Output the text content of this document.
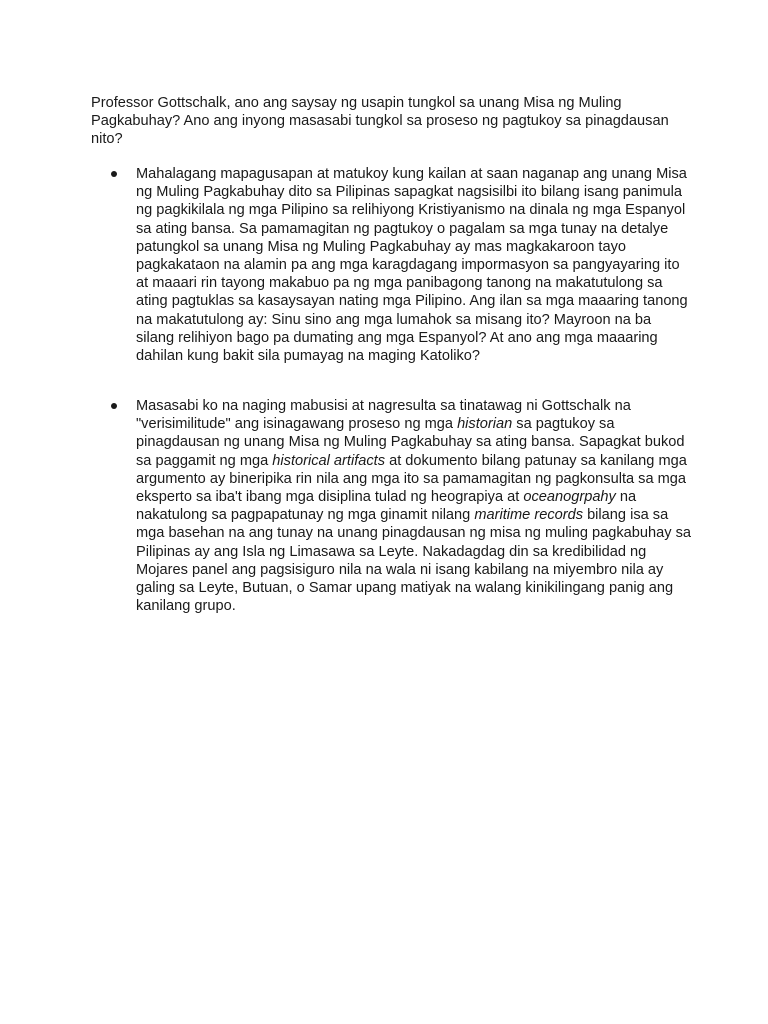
Professor Gottschalk, ano ang saysay ng usapin tungkol sa unang Misa ng Muling Pagkabuhay? Ano ang inyong masasabi tungkol sa proseso ng pagtukoy sa pinagdausan nito?

Mahalagang mapagusapan at matukoy kung kailan at saan naganap ang unang Misa ng Muling Pagkabuhay dito sa Pilipinas sapagkat nagsisilbi ito bilang isang panimula ng pagkikilala ng mga Pilipino sa relihiyong Kristiyanismo na dinala ng mga Espanyol sa ating bansa. Sa pamamagitan ng pagtukoy o pagalam sa mga tunay na detalye patungkol sa unang Misa ng Muling Pagkabuhay ay mas magkakaroon tayo pagkakataon na alamin pa ang mga karagdagang impormasyon sa pangyayaring ito at maaari rin tayong makabuo pa ng mga panibagong tanong na makatutulong sa ating pagtuklas sa kasaysayan nating mga Pilipino. Ang ilan sa mga maaaring tanong na makatutulong ay: Sinu sino ang mga lumahok sa misang ito? Mayroon na ba silang relihiyon bago pa dumating ang mga Espanyol? At ano ang mga maaaring dahilan kung bakit sila pumayag na maging Katoliko?
Masasabi ko na naging mabusisi at nagresulta sa tinatawag ni Gottschalk na "verisimilitude" ang isinagawang proseso ng mga historian sa pagtukoy sa pinagdausan ng unang Misa ng Muling Pagkabuhay sa ating bansa. Sapagkat bukod sa paggamit ng mga historical artifacts at dokumento bilang patunay sa kanilang mga argumento ay bineripika rin nila ang mga ito sa pamamagitan ng pagkonsulta sa mga eksperto sa iba't ibang mga disiplina tulad ng heograpiya at oceanogrpahy na nakatulong sa pagpapatunay ng mga ginamit nilang maritime records bilang isa sa mga basehan na ang tunay na unang pinagdausan ng misa ng muling pagkabuhay sa Pilipinas ay ang Isla ng Limasawa sa Leyte. Nakadagdag din sa kredibilidad ng Mojares panel ang pagsisiguro nila na wala ni isang kabilang na miyembro nila ay galing sa Leyte, Butuan, o Samar upang matiyak na walang kinikilingang panig ang kanilang grupo.
